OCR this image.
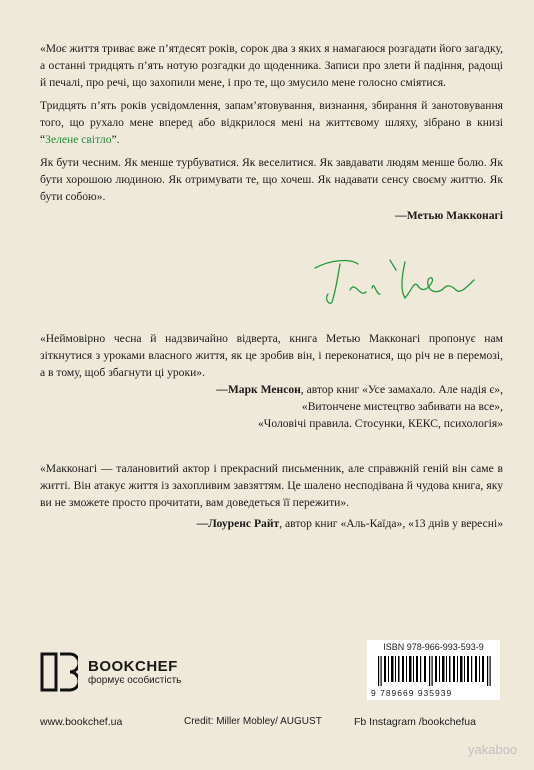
«Моє життя триває вже п’ятдесят років, сорок два з яких я намагаюся розгадати його загадку, а останні тридцять п’ять нотую розгадки до щоденника. Записи про злети й падіння, радощі й печалі, про речі, що захопили мене, і про те, що змусило мене голосно сміятися.

Тридцять п’ять років усвідомлення, запам’ятовування, визнання, збирання й занотовування того, що рухало мене вперед або відкрилося мені на життєвому шляху, зібрано в книзі “Зелене світло”.

Як бути чесним. Як менше турбуватися. Як веселитися. Як завдавати людям менше болю. Як бути хорошою людиною. Як отримувати те, що хочеш. Як надавати сенсу своєму життю. Як бути собою».

—Метью Макконагі

«Неймовірно чесна й надзвичайно відверта, книга Метью Макконагі пропонує нам зіткнутися з уроками власного життя, як це зробив він, і переконатися, що річ не в перемозі, а в тому, щоб збагнути ці уроки».

—Марк Менсон, автор книг «Усе замахало. Але надія є»,

«Витончене мистецтво забивати на все»,

«Чоловічі правила. Стосунки, КЕКС, психологія»

«Макконагі — талановитий актор і прекрасний письменник, але справжній геній він саме в житті. Він атакує життя із захопливим завзяттям. Це шалено несподівана й чудова книга, яку ви не зможете просто прочитати, вам доведеться її пережити».

—Лоуренс Райт, автор книг «Аль-Каїда», «13 днів у вересні»

BOOKCHEF
формує особистість
ISBN 978-966-993-593-9
9 789669 935939
www.bookchef.ua	Credit: Miller Mobley/ AUGUST	Fb Instagram /bookchefua
yakaboo
